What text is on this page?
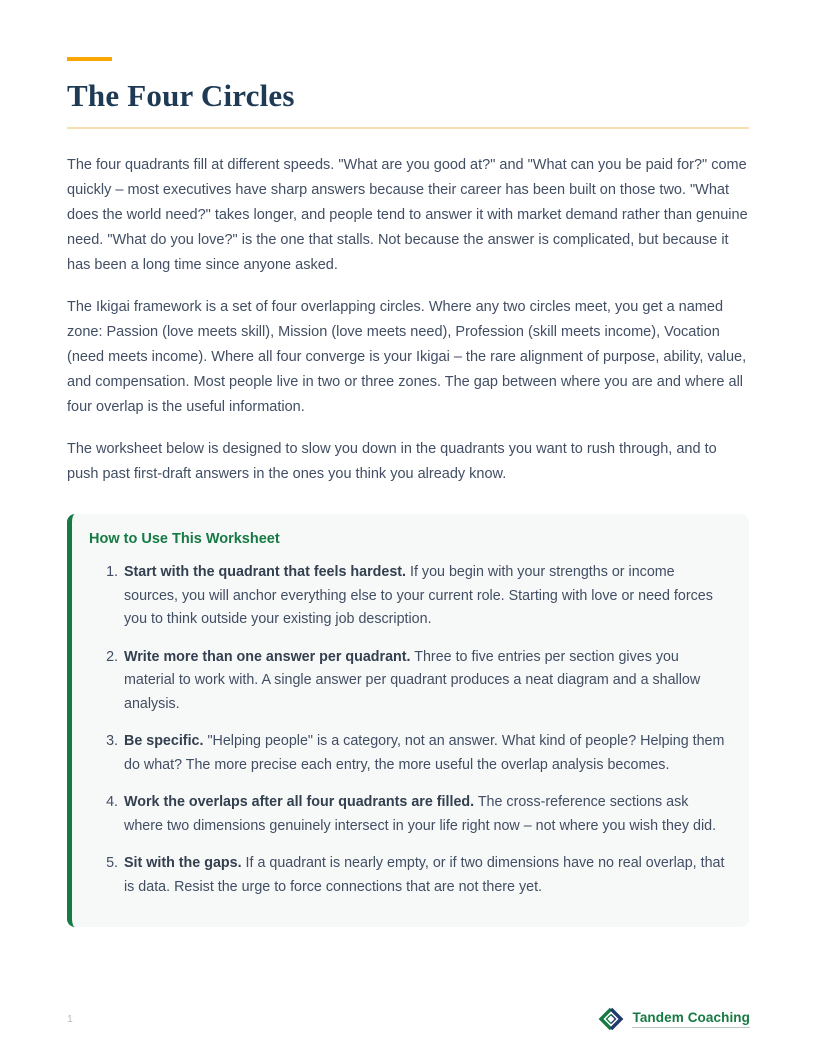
The Four Circles

The four quadrants fill at different speeds. "What are you good at?" and "What can you be paid for?" come quickly – most executives have sharp answers because their career has been built on those two. "What does the world need?" takes longer, and people tend to answer it with market demand rather than genuine need. "What do you love?" is the one that stalls. Not because the answer is complicated, but because it has been a long time since anyone asked.

The Ikigai framework is a set of four overlapping circles. Where any two circles meet, you get a named zone: Passion (love meets skill), Mission (love meets need), Profession (skill meets income), Vocation (need meets income). Where all four converge is your Ikigai – the rare alignment of purpose, ability, value, and compensation. Most people live in two or three zones. The gap between where you are and where all four overlap is the useful information.

The worksheet below is designed to slow you down in the quadrants you want to rush through, and to push past first-draft answers in the ones you think you already know.

How to Use This Worksheet
1. Start with the quadrant that feels hardest. If you begin with your strengths or income sources, you will anchor everything else to your current role. Starting with love or need forces you to think outside your existing job description.
2. Write more than one answer per quadrant. Three to five entries per section gives you material to work with. A single answer per quadrant produces a neat diagram and a shallow analysis.
3. Be specific. "Helping people" is a category, not an answer. What kind of people? Helping them do what? The more precise each entry, the more useful the overlap analysis becomes.
4. Work the overlaps after all four quadrants are filled. The cross-reference sections ask where two dimensions genuinely intersect in your life right now – not where you wish they did.
5. Sit with the gaps. If a quadrant is nearly empty, or if two dimensions have no real overlap, that is data. Resist the urge to force connections that are not there yet.
1	Tandem Coaching
